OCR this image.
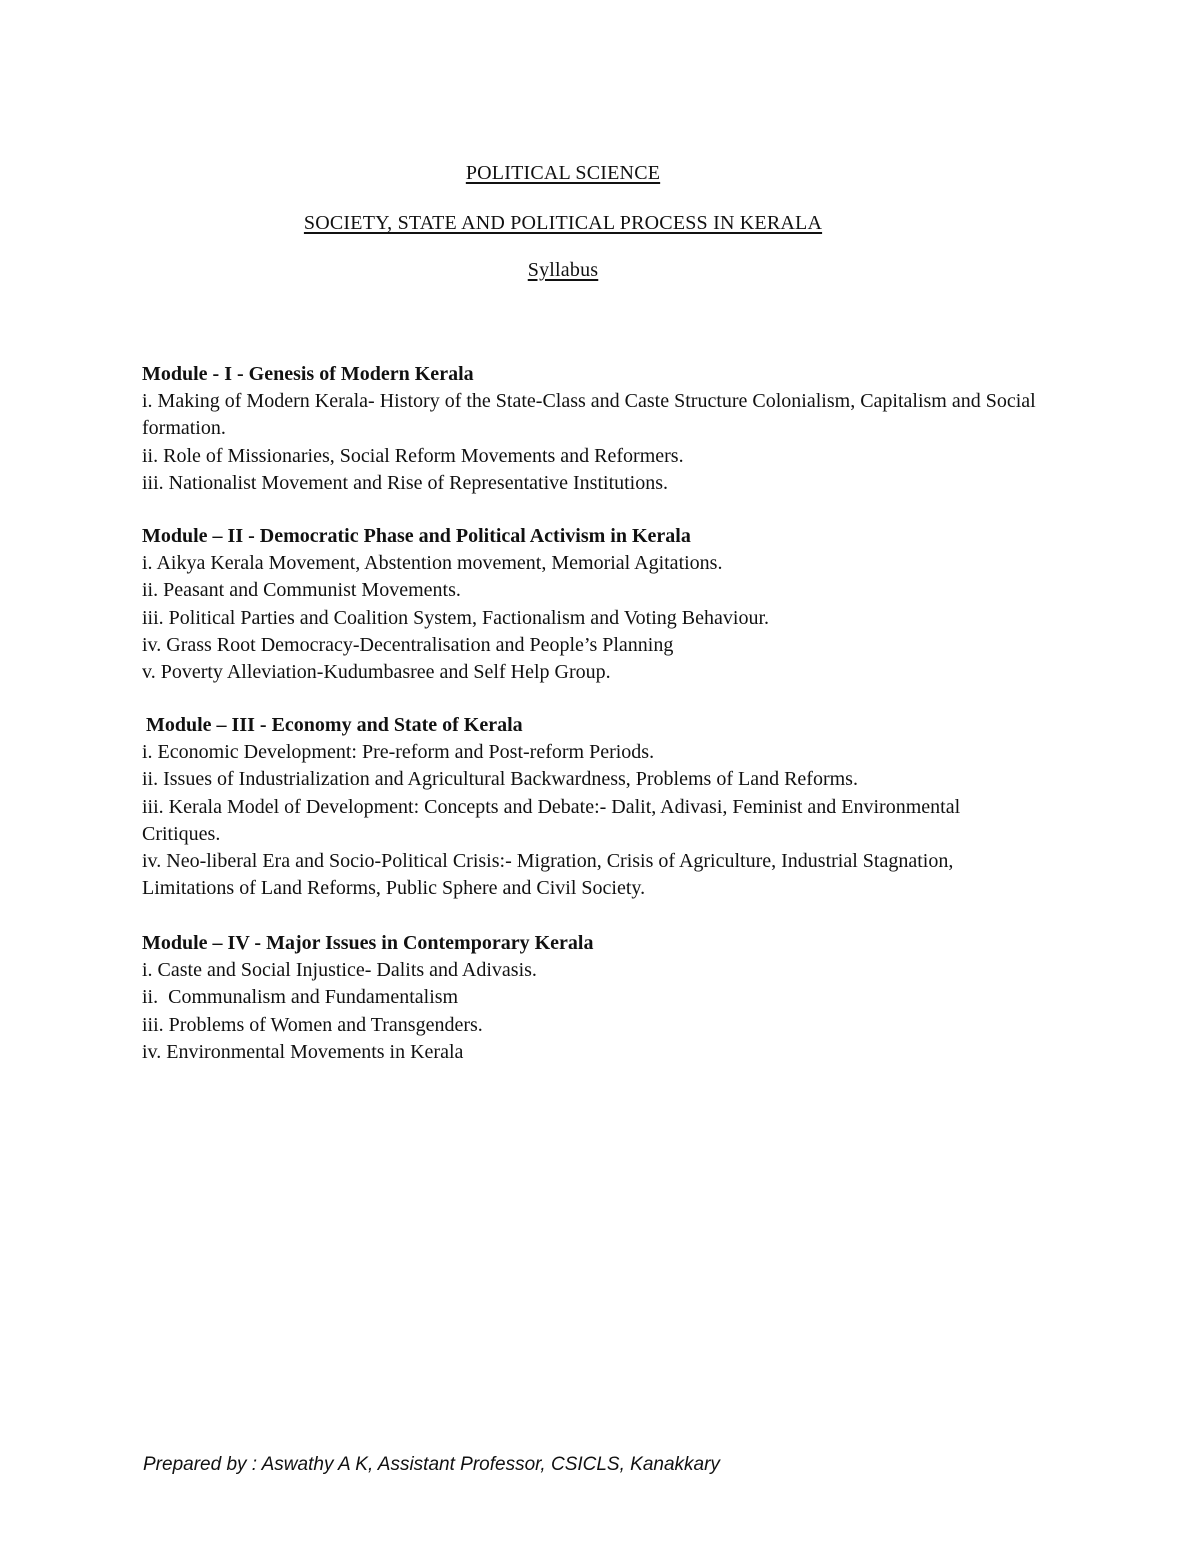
POLITICAL SCIENCE
SOCIETY, STATE AND POLITICAL PROCESS IN KERALA
Syllabus
Module - I - Genesis of Modern Kerala
i. Making of Modern Kerala- History of the State-Class and Caste Structure Colonialism, Capitalism and Social formation.
ii. Role of Missionaries, Social Reform Movements and Reformers.
iii. Nationalist Movement and Rise of Representative Institutions.
Module – II - Democratic Phase and Political Activism in Kerala
i. Aikya Kerala Movement, Abstention movement, Memorial Agitations.
ii. Peasant and Communist Movements.
iii. Political Parties and Coalition System, Factionalism and Voting Behaviour.
iv. Grass Root Democracy-Decentralisation and People’s Planning
v. Poverty Alleviation-Kudumbasree and Self Help Group.
Module – III - Economy and State of Kerala
i. Economic Development: Pre-reform and Post-reform Periods.
ii. Issues of Industrialization and Agricultural Backwardness, Problems of Land Reforms.
iii. Kerala Model of Development: Concepts and Debate:- Dalit, Adivasi, Feminist and Environmental Critiques.
iv. Neo-liberal Era and Socio-Political Crisis:- Migration, Crisis of Agriculture, Industrial Stagnation, Limitations of Land Reforms, Public Sphere and Civil Society.
Module – IV - Major Issues in Contemporary Kerala
i. Caste and Social Injustice- Dalits and Adivasis.
ii.  Communalism and Fundamentalism
iii. Problems of Women and Transgenders.
iv. Environmental Movements in Kerala
Prepared by : Aswathy A K, Assistant Professor, CSICLS, Kanakkary
